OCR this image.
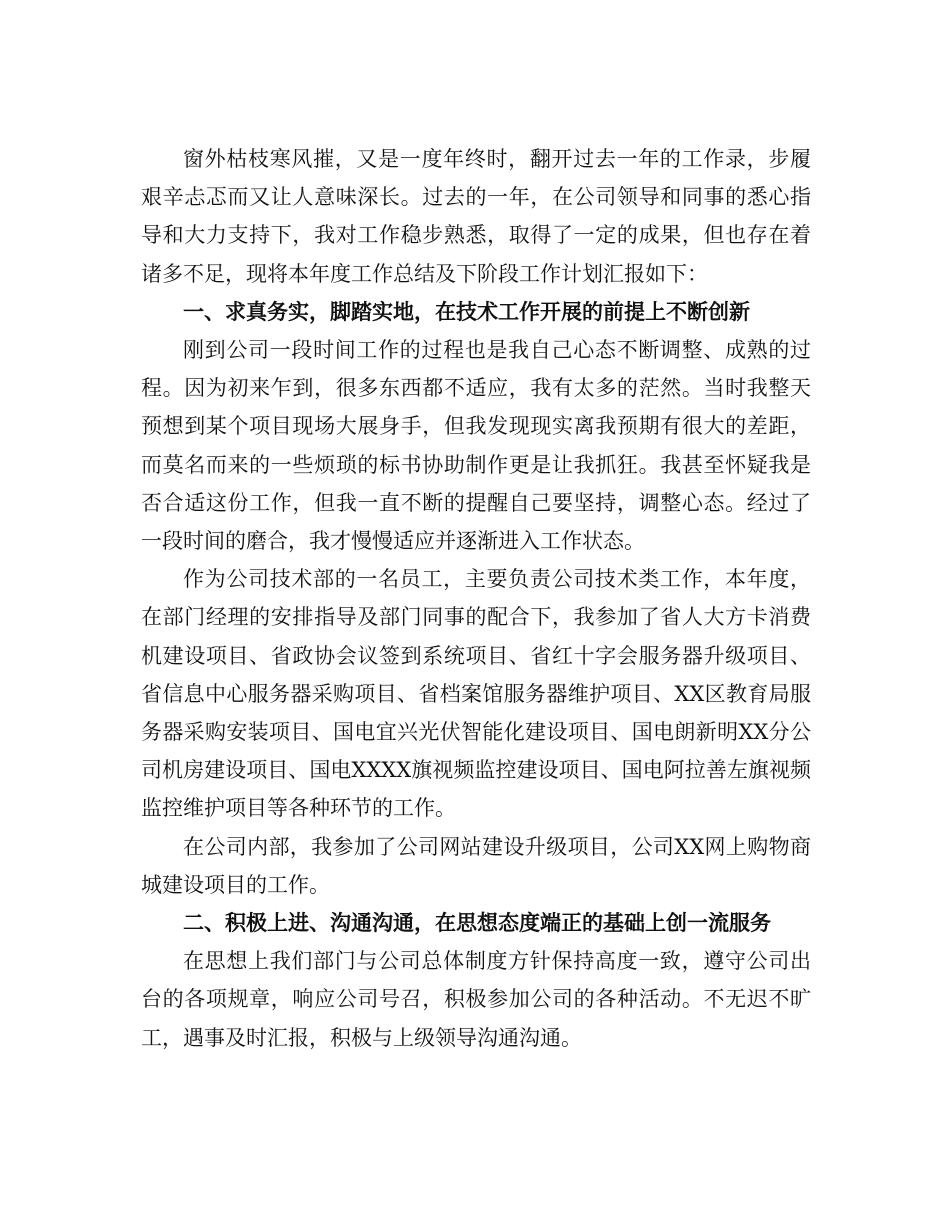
窗外枯枝寒风摧，又是一度年终时，翻开过去一年的工作录，步履艰辛忐忑而又让人意味深长。过去的一年，在公司领导和同事的悉心指导和大力支持下，我对工作稳步熟悉，取得了一定的成果，但也存在着诸多不足，现将本年度工作总结及下阶段工作计划汇报如下：

一、求真务实，脚踏实地，在技术工作开展的前提上不断创新

刚到公司一段时间工作的过程也是我自己心态不断调整、成熟的过程。因为初来乍到，很多东西都不适应，我有太多的茫然。当时我整天预想到某个项目现场大展身手，但我发现现实离我预期有很大的差距，而莫名而来的一些烦琐的标书协助制作更是让我抓狂。我甚至怀疑我是否合适这份工作，但我一直不断的提醒自己要坚持，调整心态。经过了一段时间的磨合，我才慢慢适应并逐渐进入工作状态。

作为公司技术部的一名员工，主要负责公司技术类工作，本年度，在部门经理的安排指导及部门同事的配合下，我参加了省人大方卡消费机建设项目、省政协会议签到系统项目、省红十字会服务器升级项目、省信息中心服务器采购项目、省档案馆服务器维护项目、XX区教育局服务器采购安装项目、国电宜兴光伏智能化建设项目、国电朗新明XX分公司机房建设项目、国电XXXX旗视频监控建设项目、国电阿拉善左旗视频监控维护项目等各种环节的工作。

在公司内部，我参加了公司网站建设升级项目，公司XX网上购物商城建设项目的工作。

二、积极上进、沟通沟通，在思想态度端正的基础上创一流服务

在思想上我们部门与公司总体制度方针保持高度一致，遵守公司出台的各项规章，响应公司号召，积极参加公司的各种活动。不无迟不旷工，遇事及时汇报，积极与上级领导沟通沟通。
